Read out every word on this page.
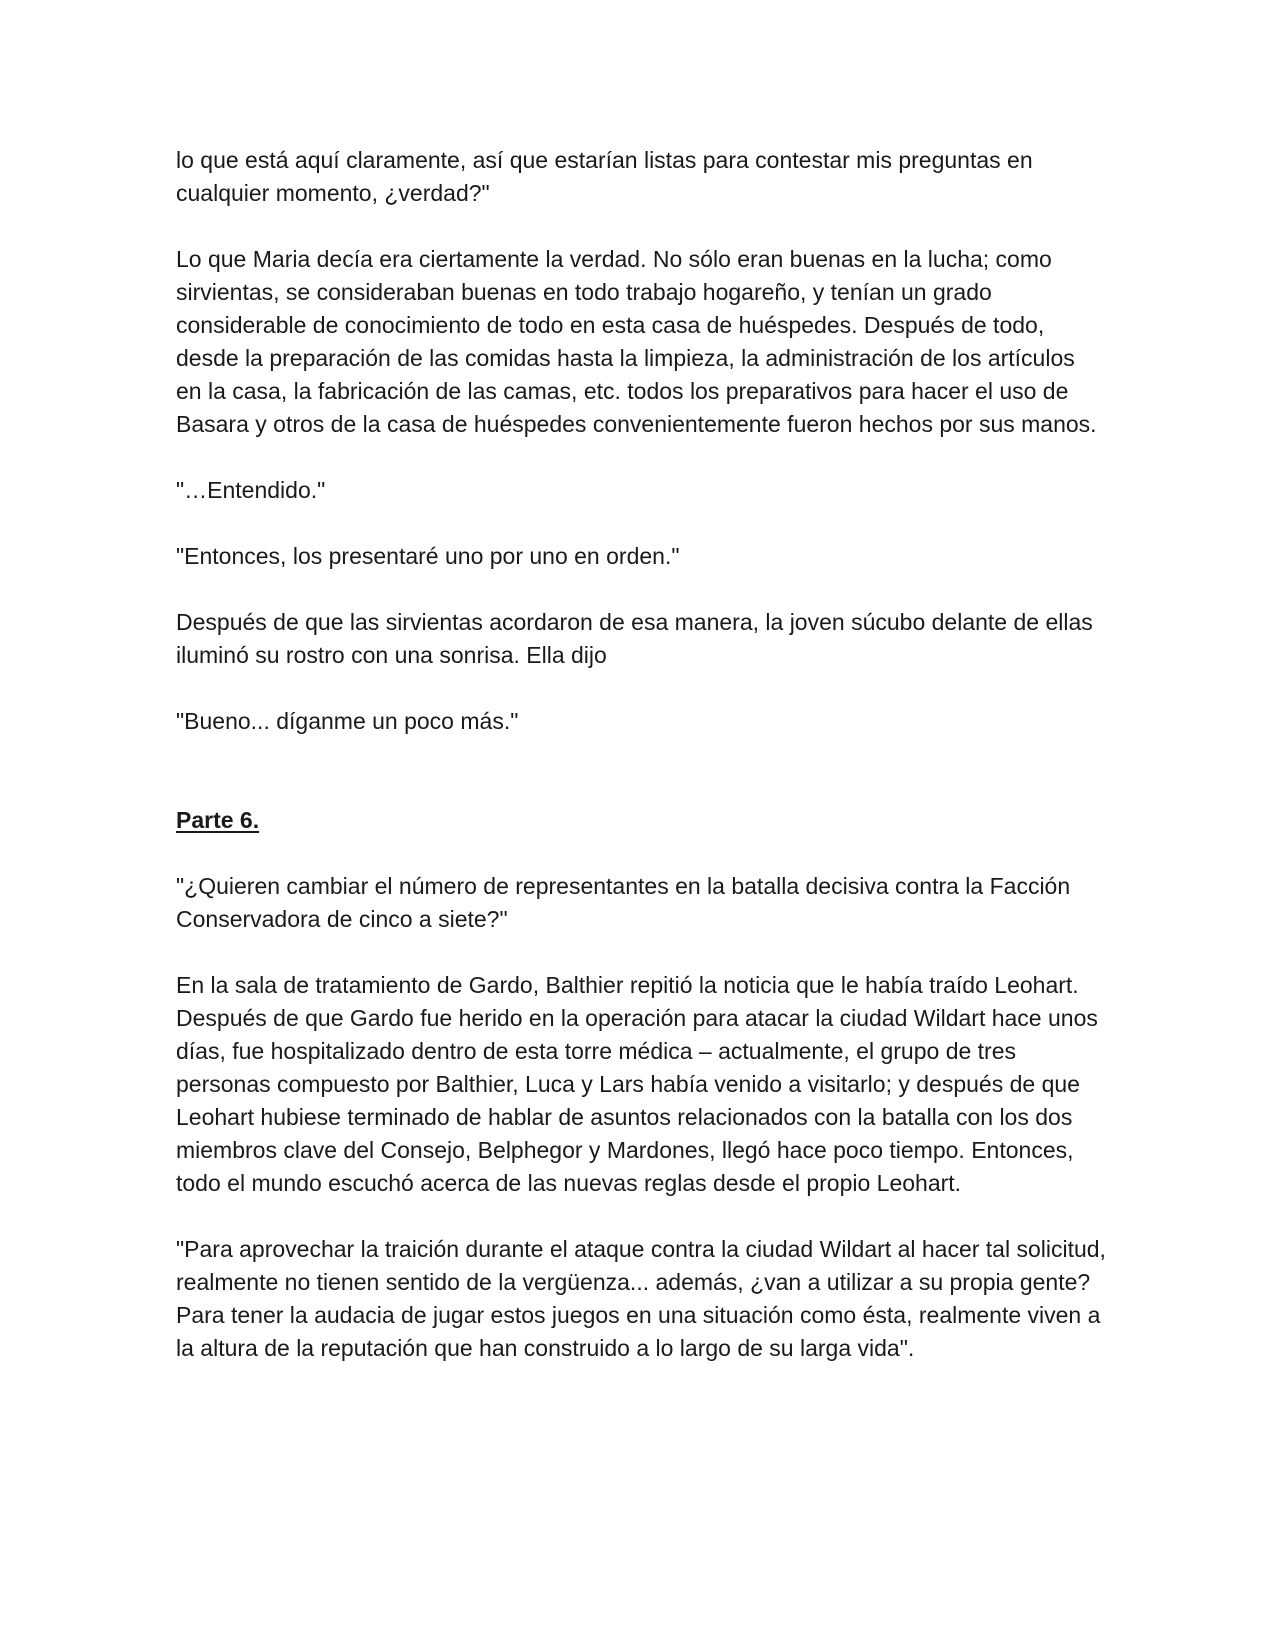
lo que está aquí claramente, así que estarían listas para contestar mis preguntas en cualquier momento, ¿verdad?"

Lo que Maria decía era ciertamente la verdad. No sólo eran buenas en la lucha; como sirvientas, se consideraban buenas en todo trabajo hogareño, y tenían un grado considerable de conocimiento de todo en esta casa de huéspedes. Después de todo, desde la preparación de las comidas hasta la limpieza, la administración de los artículos en la casa, la fabricación de las camas, etc. todos los preparativos para hacer el uso de Basara y otros de la casa de huéspedes convenientemente fueron hechos por sus manos.

"…Entendido."

"Entonces, los presentaré uno por uno en orden."

Después de que las sirvientas acordaron de esa manera, la joven súcubo delante de ellas iluminó su rostro con una sonrisa. Ella dijo

"Bueno... díganme un poco más."

Parte 6.

"¿Quieren cambiar el número de representantes en la batalla decisiva contra la Facción Conservadora de cinco a siete?"

En la sala de tratamiento de Gardo, Balthier repitió la noticia que le había traído Leohart. Después de que Gardo fue herido en la operación para atacar la ciudad Wildart hace unos días, fue hospitalizado dentro de esta torre médica – actualmente, el grupo de tres personas compuesto por Balthier, Luca y Lars había venido a visitarlo; y después de que Leohart hubiese terminado de hablar de asuntos relacionados con la batalla con los dos miembros clave del Consejo, Belphegor y Mardones, llegó hace poco tiempo. Entonces, todo el mundo escuchó acerca de las nuevas reglas desde el propio Leohart.

"Para aprovechar la traición durante el ataque contra la ciudad Wildart al hacer tal solicitud, realmente no tienen sentido de la vergüenza... además, ¿van a utilizar a su propia gente? Para tener la audacia de jugar estos juegos en una situación como ésta, realmente viven a la altura de la reputación que han construido a lo largo de su larga vida".
